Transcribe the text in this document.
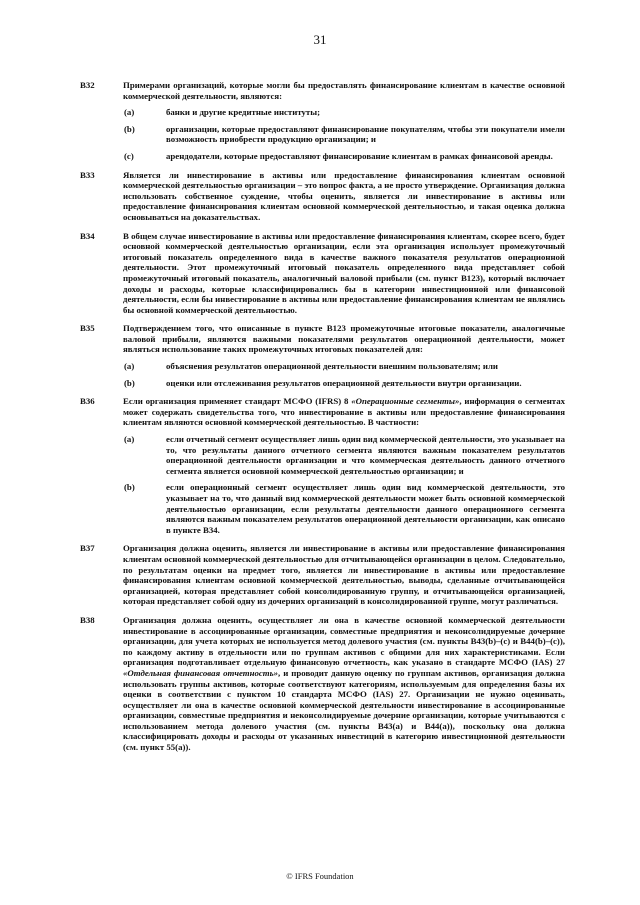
31
B32	Примерами организаций, которые могли бы предоставлять финансирование клиентам в качестве основной коммерческой деятельности, являются:
(a)	банки и другие кредитные институты;
(b)	организации, которые предоставляют финансирование покупателям, чтобы эти покупатели имели возможность приобрести продукцию организации; и
(c)	арендодатели, которые предоставляют финансирование клиентам в рамках финансовой аренды.
B33	Является ли инвестирование в активы или предоставление финансирования клиентам основной коммерческой деятельностью организации – это вопрос факта, а не просто утверждение. Организация должна использовать собственное суждение, чтобы оценить, является ли инвестирование в активы или предоставление финансирования клиентам основной коммерческой деятельностью, и такая оценка должна основываться на доказательствах.
B34	В общем случае инвестирование в активы или предоставление финансирования клиентам, скорее всего, будет основной коммерческой деятельностью организации, если эта организация использует промежуточный итоговый показатель определенного вида в качестве важного показателя результатов операционной деятельности. Этот промежуточный итоговый показатель определенного вида представляет собой промежуточный итоговый показатель, аналогичный валовой прибыли (см. пункт B123), который включает доходы и расходы, которые классифицировались бы в категории инвестиционной или финансовой деятельности, если бы инвестирование в активы или предоставление финансирования клиентам не являлись бы основной коммерческой деятельностью.
B35	Подтверждением того, что описанные в пункте B123 промежуточные итоговые показатели, аналогичные валовой прибыли, являются важными показателями результатов операционной деятельности, может являться использование таких промежуточных итоговых показателей для:
(a)	объяснения результатов операционной деятельности внешним пользователям; или
(b)	оценки или отслеживания результатов операционной деятельности внутри организации.
B36	Если организация применяет стандарт МСФО (IFRS) 8 «Операционные сегменты», информация о сегментах может содержать свидетельства того, что инвестирование в активы или предоставление финансирования клиентам являются основной коммерческой деятельностью. В частности:
(a)	если отчетный сегмент осуществляет лишь один вид коммерческой деятельности, это указывает на то, что результаты данного отчетного сегмента являются важным показателем результатов операционной деятельности организации и что коммерческая деятельность данного отчетного сегмента является основной коммерческой деятельностью организации; и
(b)	если операционный сегмент осуществляет лишь один вид коммерческой деятельности, это указывает на то, что данный вид коммерческой деятельности может быть основной коммерческой деятельностью организации, если результаты деятельности данного операционного сегмента являются важным показателем результатов операционной деятельности организации, как описано в пункте B34.
B37	Организация должна оценить, является ли инвестирование в активы или предоставление финансирования клиентам основной коммерческой деятельностью для отчитывающейся организации в целом. Следовательно, по результатам оценки на предмет того, является ли инвестирование в активы или предоставление финансирования клиентам основной коммерческой деятельностью, выводы, сделанные отчитывающейся организацией, которая представляет собой консолидированную группу, и отчитывающейся организацией, которая представляет собой одну из дочерних организаций в консолидированной группе, могут различаться.
B38	Организация должна оценить, осуществляет ли она в качестве основной коммерческой деятельности инвестирование в ассоциированные организации, совместные предприятия и неконсолидируемые дочерние организации, для учета которых не используется метод долевого участия (см. пункты B43(b)–(c) и B44(b)–(c)), по каждому активу в отдельности или по группам активов с общими для них характеристиками. Если организация подготавливает отдельную финансовую отчетность, как указано в стандарте МСФО (IAS) 27 «Отдельная финансовая отчетность», и проводит данную оценку по группам активов, организация должна использовать группы активов, которые соответствуют категориям, используемым для определения базы их оценки в соответствии с пунктом 10 стандарта МСФО (IAS) 27. Организации не нужно оценивать, осуществляет ли она в качестве основной коммерческой деятельности инвестирование в ассоциированные организации, совместные предприятия и неконсолидируемые дочерние организации, которые учитываются с использованием метода долевого участия (см. пункты B43(a) и B44(a)), поскольку она должна классифицировать доходы и расходы от указанных инвестиций в категорию инвестиционной деятельности (см. пункт 55(a)).
© IFRS Foundation
